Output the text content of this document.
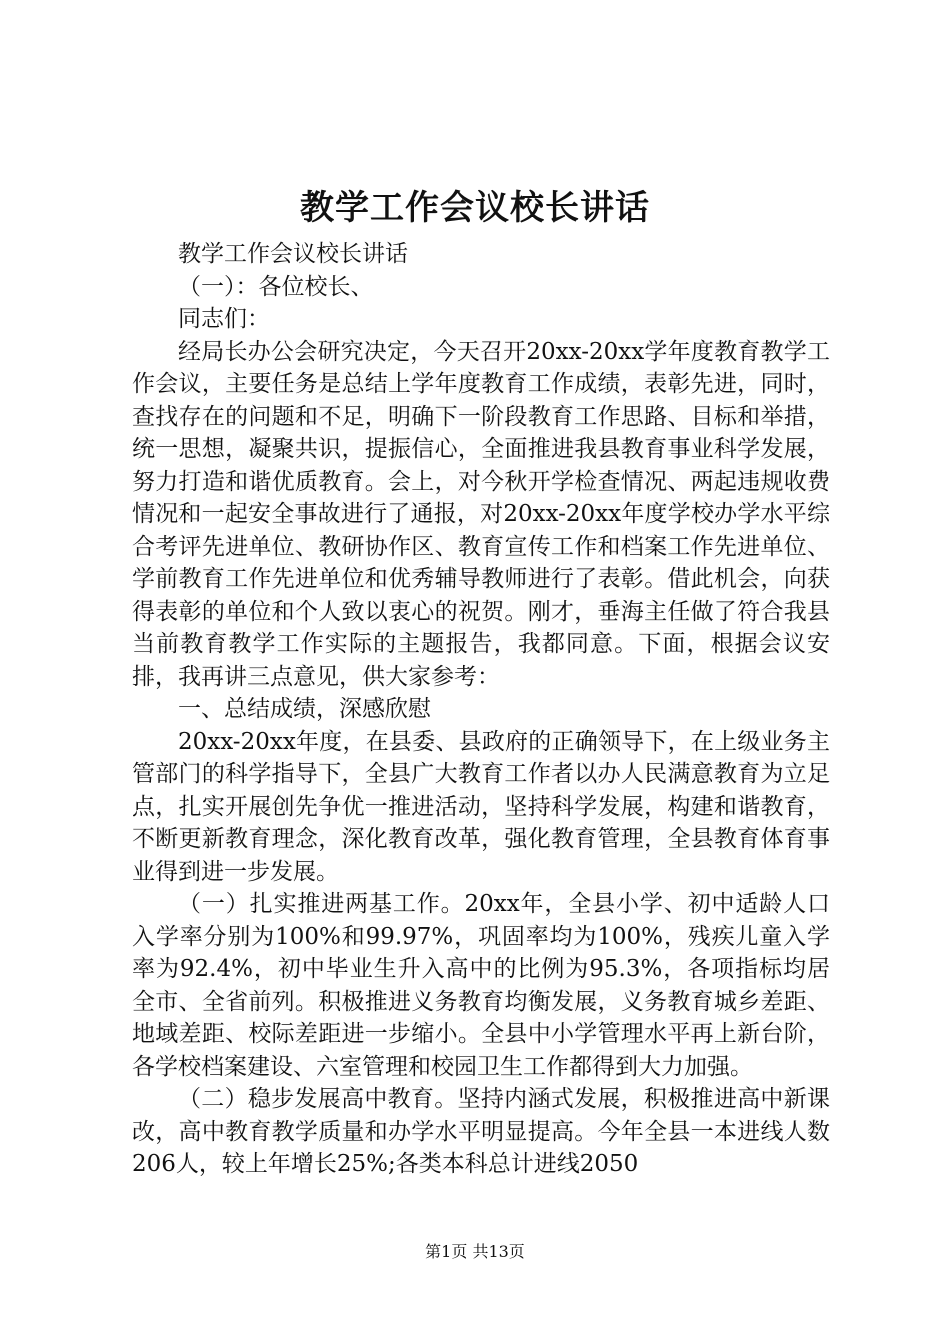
教学工作会议校长讲话

教学工作会议校长讲话

（一）：各位校长、

同志们：

经局长办公会研究决定，今天召开20xx-20xx学年度教育教学工作会议，主要任务是总结上学年度教育工作成绩，表彰先进，同时，查找存在的问题和不足，明确下一阶段教育工作思路、目标和举措，统一思想，凝聚共识，提振信心，全面推进我县教育事业科学发展，努力打造和谐优质教育。会上，对今秋开学检查情况、两起违规收费情况和一起安全事故进行了通报，对20xx-20xx年度学校办学水平综合考评先进单位、教研协作区、教育宣传工作和档案工作先进单位、学前教育工作先进单位和优秀辅导教师进行了表彰。借此机会，向获得表彰的单位和个人致以衷心的祝贺。刚才，垂海主任做了符合我县当前教育教学工作实际的主题报告，我都同意。下面，根据会议安排，我再讲三点意见，供大家参考：

一、总结成绩，深感欣慰

20xx-20xx年度，在县委、县政府的正确领导下，在上级业务主管部门的科学指导下，全县广大教育工作者以办人民满意教育为立足点，扎实开展创先争优一推进活动，坚持科学发展，构建和谐教育，不断更新教育理念，深化教育改革，强化教育管理，全县教育体育事业得到进一步发展。

（一）扎实推进两基工作。20xx年，全县小学、初中适龄人口入学率分别为100%和99.97%，巩固率均为100%，残疾儿童入学率为92.4%，初中毕业生升入高中的比例为95.3%，各项指标均居全市、全省前列。积极推进义务教育均衡发展，义务教育城乡差距、地域差距、校际差距进一步缩小。全县中小学管理水平再上新台阶，各学校档案建设、六室管理和校园卫生工作都得到大力加强。

（二）稳步发展高中教育。坚持内涵式发展，积极推进高中新课改，高中教育教学质量和办学水平明显提高。今年全县一本进线人数206人，较上年增长25%;各类本科总计进线2050

第1页 共13页
